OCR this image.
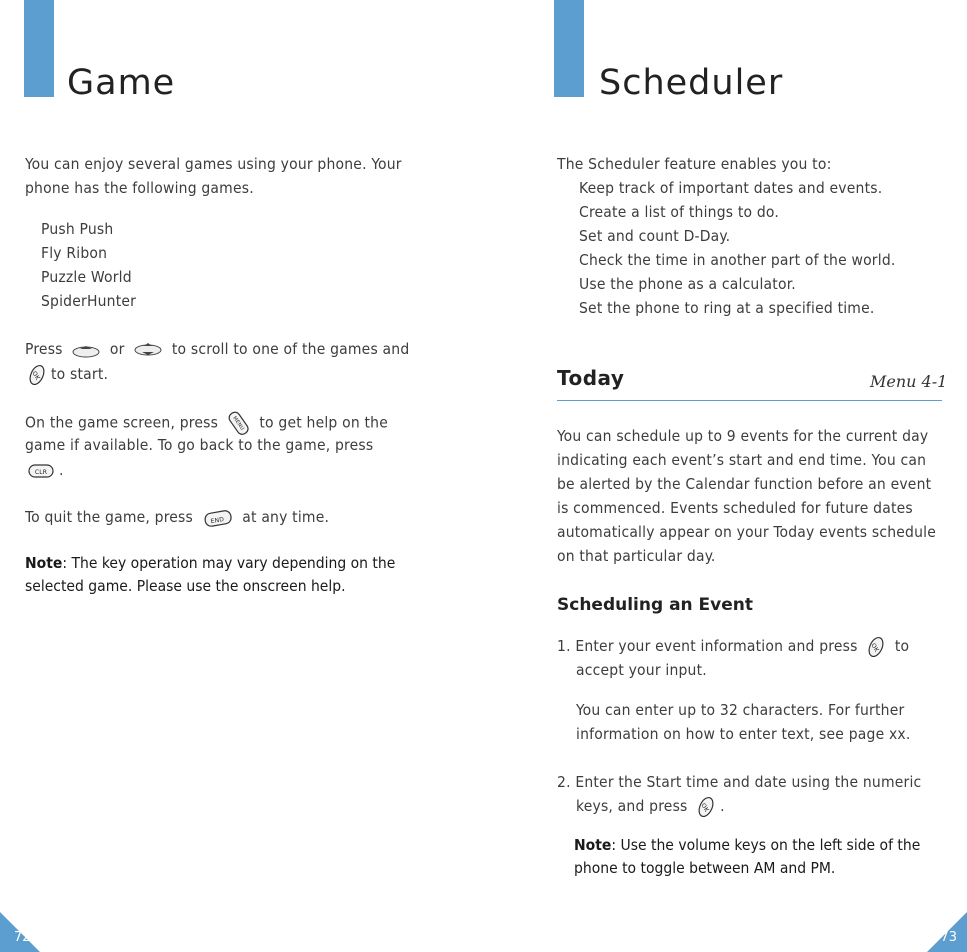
Game
You can enjoy several games using your phone. Your
phone has the following games.
Push Push
Fly Ribon
Puzzle World
SpiderHunter
Press	or	to scroll to one of the games and
OK to start.
On the game screen, press	MENU to get help on the
game if available. To go back to the game, press
CLR .
To quit the game, press	END at any time.
Note: The key operation may vary depending on the
selected game. Please use the onscreen help.
72
Scheduler
The Scheduler feature enables you to:
Keep track of important dates and events.
Create a list of things to do.
Set and count D-Day.
Check the time in another part of the world.
Use the phone as a calculator.
Set the phone to ring at a specified time.
Today	Menu 4-1
You can schedule up to 9 events for the current day
indicating each event’s start and end time. You can
be alerted by the Calendar function before an event
is commenced. Events scheduled for future dates
automatically appear on your Today events schedule
on that particular day.
Scheduling an Event
1. Enter your event information and press OK to
accept your input.
You can enter up to 32 characters. For further
information on how to enter text, see page xx.
2. Enter the Start time and date using the numeric
keys, and press OK .
Note: Use the volume keys on the left side of the
phone to toggle between AM and PM.
73
